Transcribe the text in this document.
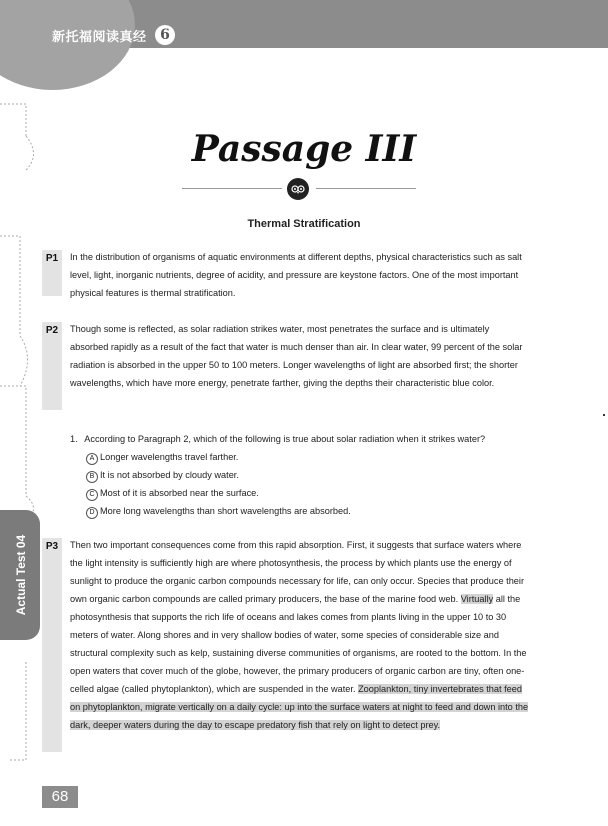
新托福阅读真经 6
Actual Test 04
Passage III
Thermal Stratification
P1	In the distribution of organisms of aquatic environments at different depths, physical characteristics such as salt level, light, inorganic nutrients, degree of acidity, and pressure are keystone factors. One of the most important physical features is thermal stratification.
P2	Though some is reflected, as solar radiation strikes water, most penetrates the surface and is ultimately absorbed rapidly as a result of the fact that water is much denser than air. In clear water, 99 percent of the solar radiation is absorbed in the upper 50 to 100 meters. Longer wavelengths of light are absorbed first; the shorter wavelengths, which have more energy, penetrate farther, giving the depths their characteristic blue color.
1. According to Paragraph 2, which of the following is true about solar radiation when it strikes water?
A Longer wavelengths travel farther.
B It is not absorbed by cloudy water.
C Most of it is absorbed near the surface.
D More long wavelengths than short wavelengths are absorbed.
P3	Then two important consequences come from this rapid absorption. First, it suggests that surface waters where the light intensity is sufficiently high are where photosynthesis, the process by which plants use the energy of sunlight to produce the organic carbon compounds necessary for life, can only occur. Species that produce their own organic carbon compounds are called primary producers, the base of the marine food web. Virtually all the photosynthesis that supports the rich life of oceans and lakes comes from plants living in the upper 10 to 30 meters of water. Along shores and in very shallow bodies of water, some species of considerable size and structural complexity such as kelp, sustaining diverse communities of organisms, are rooted to the bottom. In the open waters that cover much of the globe, however, the primary producers of organic carbon are tiny, often one-celled algae (called phytoplankton), which are suspended in the water. Zooplankton, tiny invertebrates that feed on phytoplankton, migrate vertically on a daily cycle: up into the surface waters at night to feed and down into the dark, deeper waters during the day to escape predatory fish that rely on light to detect prey.
68
